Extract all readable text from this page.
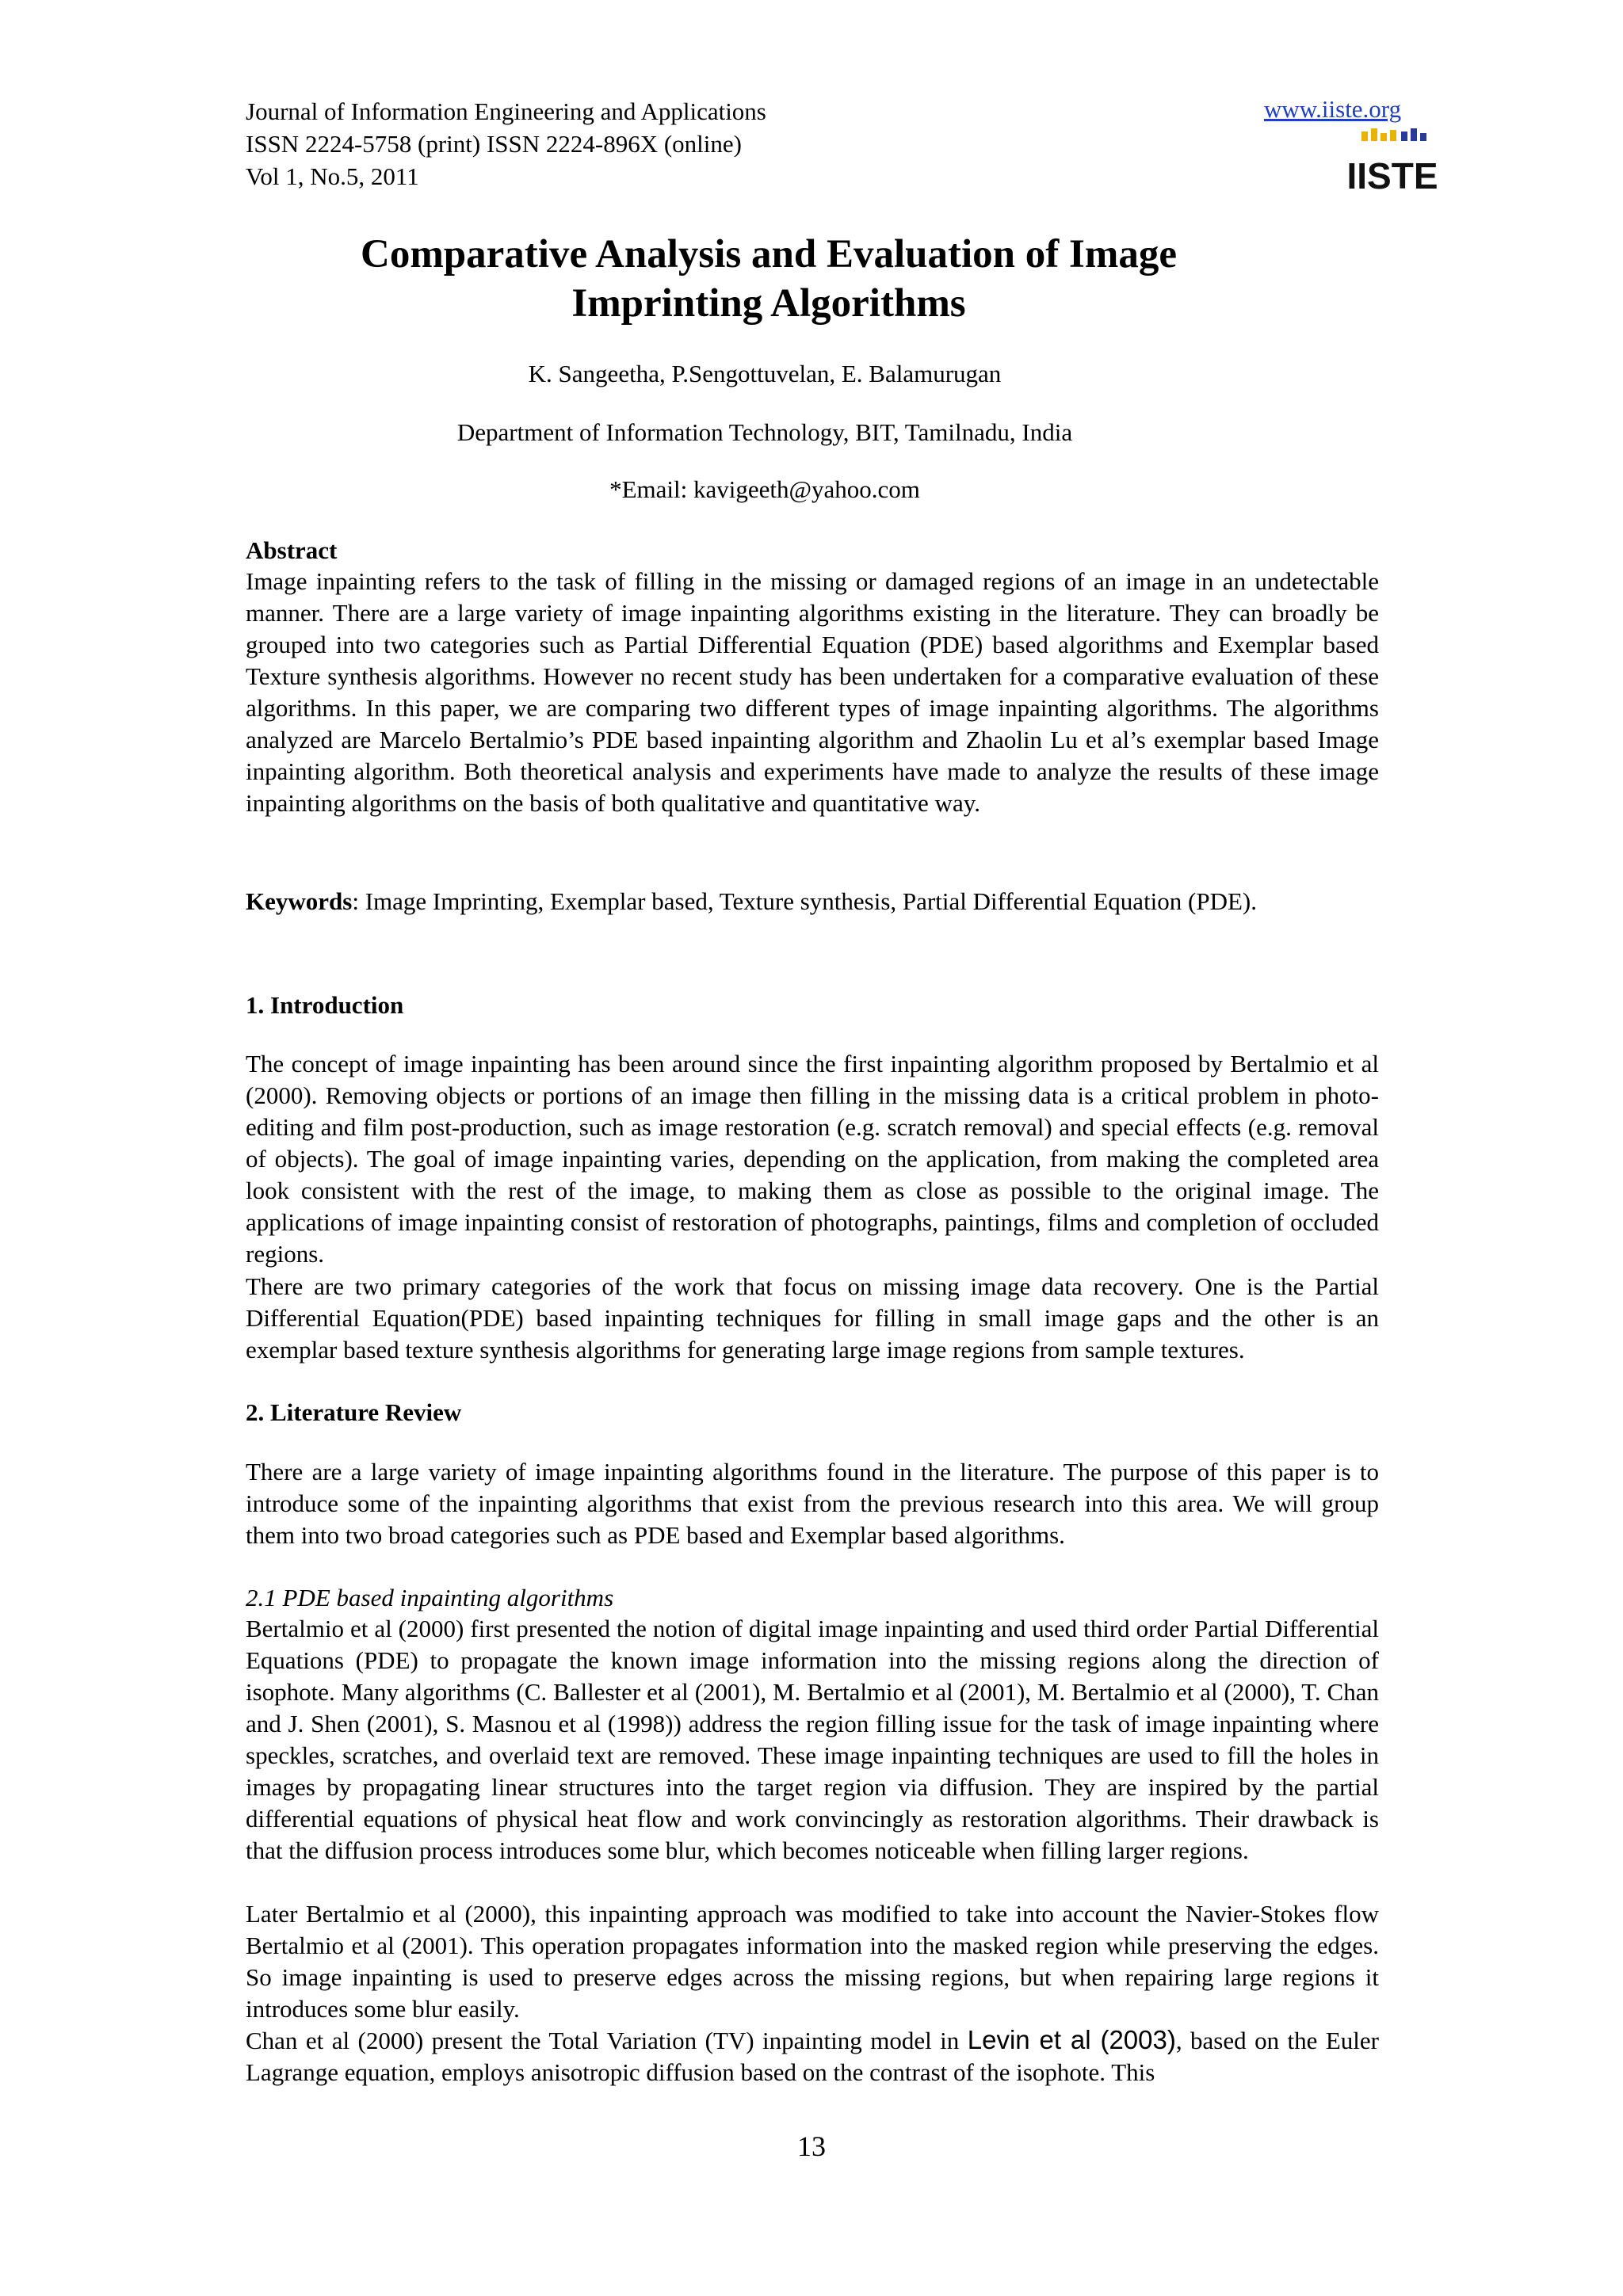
Journal of Information Engineering and Applications
ISSN 2224-5758 (print) ISSN 2224-896X (online)
Vol 1, No.5, 2011
www.iiste.org
IISTE
Comparative Analysis and Evaluation of Image
Imprinting Algorithms
K. Sangeetha, P.Sengottuvelan, E. Balamurugan
Department of Information Technology, BIT, Tamilnadu, India
*Email: kavigeeth@yahoo.com

Abstract

Image inpainting refers to the task of filling in the missing or damaged regions of an image in an undetectable manner. There are a large variety of image inpainting algorithms existing in the literature. They can broadly be grouped into two categories such as Partial Differential Equation (PDE) based algorithms and Exemplar based Texture synthesis algorithms. However no recent study has been undertaken for a comparative evaluation of these algorithms. In this paper, we are comparing two different types of image inpainting algorithms. The algorithms analyzed are Marcelo Bertalmio’s PDE based inpainting algorithm and Zhaolin Lu et al’s exemplar based Image inpainting algorithm. Both theoretical analysis and experiments have made to analyze the results of these image inpainting algorithms on the basis of both qualitative and quantitative way.

Keywords: Image Imprinting, Exemplar based, Texture synthesis, Partial Differential Equation (PDE).

1. Introduction

The concept of image inpainting has been around since the first inpainting algorithm proposed by Bertalmio et al (2000). Removing objects or portions of an image then filling in the missing data is a critical problem in photo-editing and film post-production, such as image restoration (e.g. scratch removal) and special effects (e.g. removal of objects). The goal of image inpainting varies, depending on the application, from making the completed area look consistent with the rest of the image, to making them as close as possible to the original image. The applications of image inpainting consist of restoration of photographs, paintings, films and completion of occluded regions.

There are two primary categories of the work that focus on missing image data recovery. One is the Partial Differential Equation(PDE) based inpainting techniques for filling in small image gaps and the other is an exemplar based texture synthesis algorithms for generating large image regions from sample textures.

2. Literature Review

There are a large variety of image inpainting algorithms found in the literature. The purpose of this paper is to introduce some of the inpainting algorithms that exist from the previous research into this area. We will group them into two broad categories such as PDE based and Exemplar based algorithms.

2.1 PDE based inpainting algorithms

Bertalmio et al (2000) first presented the notion of digital image inpainting and used third order Partial Differential Equations (PDE) to propagate the known image information into the missing regions along the direction of isophote. Many algorithms (C. Ballester et al (2001), M. Bertalmio et al (2001), M. Bertalmio et al (2000), T. Chan and J. Shen (2001), S. Masnou et al (1998)) address the region filling issue for the task of image inpainting where speckles, scratches, and overlaid text are removed. These image inpainting techniques are used to fill the holes in images by propagating linear structures into the target region via diffusion. They are inspired by the partial differential equations of physical heat flow and work convincingly as restoration algorithms. Their drawback is that the diffusion process introduces some blur, which becomes noticeable when filling larger regions.

Later Bertalmio et al (2000), this inpainting approach was modified to take into account the Navier-Stokes flow Bertalmio et al (2001). This operation propagates information into the masked region while preserving the edges. So image inpainting is used to preserve edges across the missing regions, but when repairing large regions it introduces some blur easily.

Chan et al (2000) present the Total Variation (TV) inpainting model in Levin et al (2003), based on the Euler Lagrange equation, employs anisotropic diffusion based on the contrast of the isophote. This

13
